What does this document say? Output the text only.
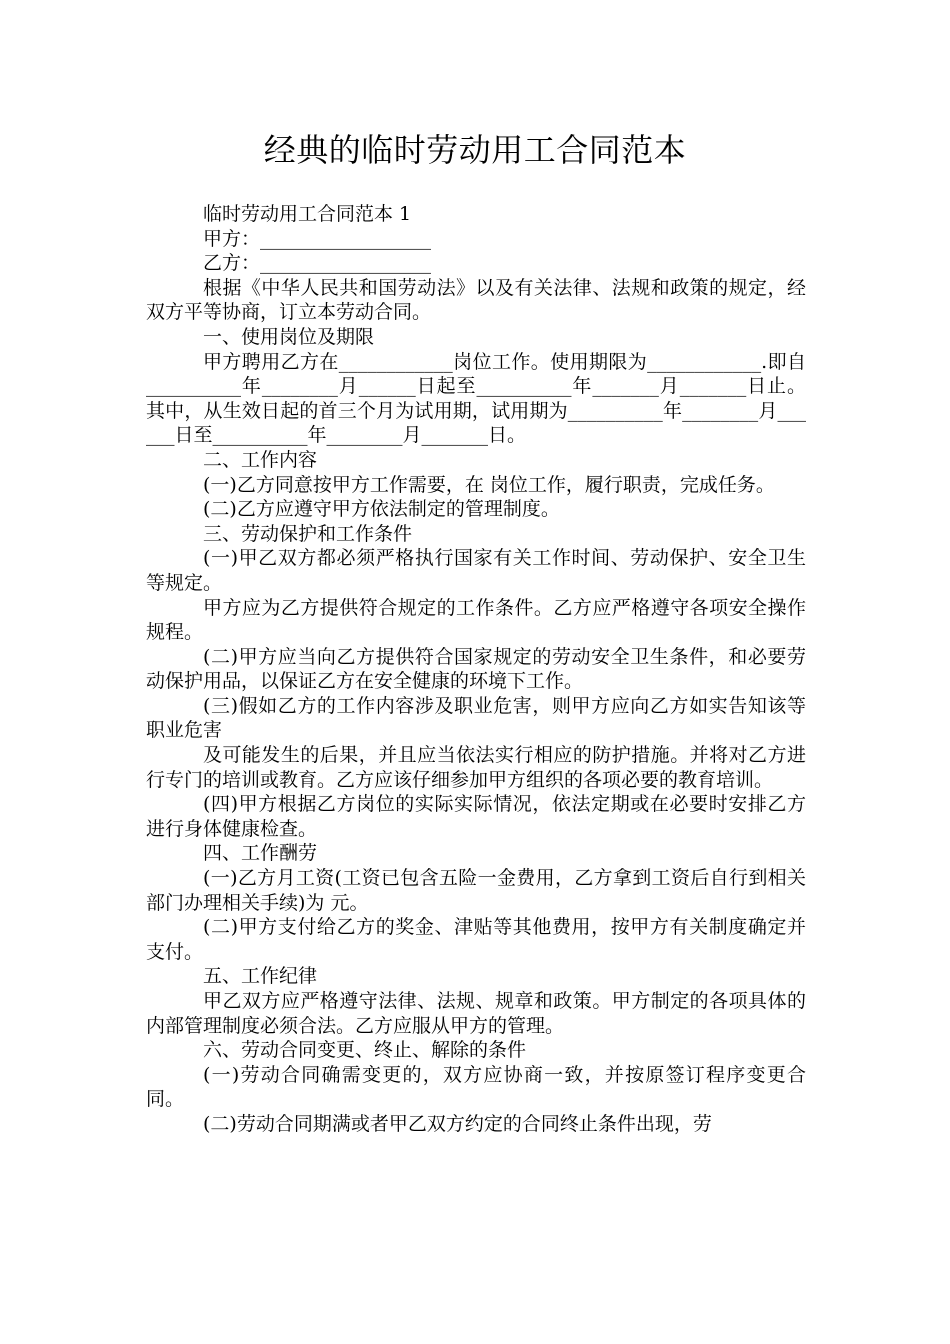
经典的临时劳动用工合同范本

临时劳动用工合同范本 1

甲方：__________________

乙方：__________________

根据《中华人民共和国劳动法》以及有关法律、法规和政策的规定，经双方平等协商，订立本劳动合同。

一、使用岗位及期限

甲方聘用乙方在____________岗位工作。使用期限为____________.即自__________年________月______日起至__________年_______月_______日止。其中，从生效日起的首三个月为试用期，试用期为__________年________月______日至__________年________月_______日。

二、工作内容

(一)乙方同意按甲方工作需要，在 岗位工作，履行职责，完成任务。

(二)乙方应遵守甲方依法制定的管理制度。

三、劳动保护和工作条件

(一)甲乙双方都必须严格执行国家有关工作时间、劳动保护、安全卫生等规定。

甲方应为乙方提供符合规定的工作条件。乙方应严格遵守各项安全操作规程。

(二)甲方应当向乙方提供符合国家规定的劳动安全卫生条件，和必要劳动保护用品，以保证乙方在安全健康的环境下工作。

(三)假如乙方的工作内容涉及职业危害，则甲方应向乙方如实告知该等职业危害

及可能发生的后果，并且应当依法实行相应的防护措施。并将对乙方进行专门的培训或教育。乙方应该仔细参加甲方组织的各项必要的教育培训。

(四)甲方根据乙方岗位的实际实际情况，依法定期或在必要时安排乙方进行身体健康检查。

四、工作酬劳

(一)乙方月工资(工资已包含五险一金费用，乙方拿到工资后自行到相关部门办理相关手续)为 元。

(二)甲方支付给乙方的奖金、津贴等其他费用，按甲方有关制度确定并支付。

五、工作纪律

甲乙双方应严格遵守法律、法规、规章和政策。甲方制定的各项具体的内部管理制度必须合法。乙方应服从甲方的管理。

六、劳动合同变更、终止、解除的条件

(一)劳动合同确需变更的，双方应协商一致，并按原签订程序变更合同。

(二)劳动合同期满或者甲乙双方约定的合同终止条件出现，劳
